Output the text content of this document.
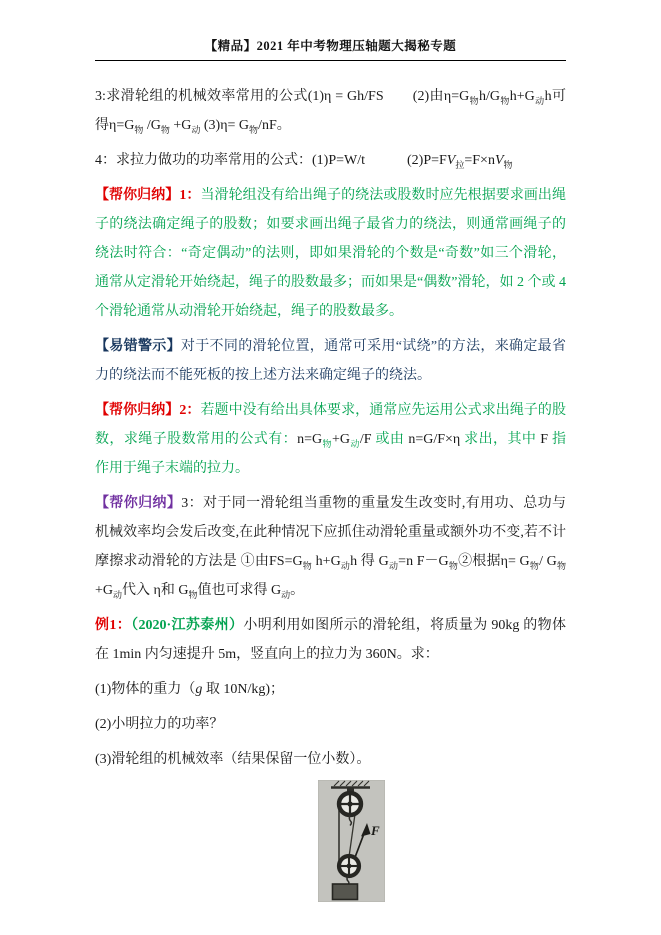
【精品】2021 年中考物理压轴题大揭秘专题

3:求滑轮组的机械效率常用的公式(1)η = Gh/FS　　(2)由$\eta=G_物h/G_物h+G_动h$可得$\eta=G_物$ $/G_物 +G_动$ $(3)\eta= G_物/nF$。

4：求拉力做功的功率常用的公式：(1)P=W/t　　　$(2)P=FV_拉=F\times nV_物$

【帮你归纳】1：当滑轮组没有给出绳子的绕法或股数时应先根据要求画出绳子的绕法确定绳子的股数；如要求画出绳子最省力的绕法，则通常画绳子的绕法时符合：“奇定偶动”的法则，即如果滑轮的个数是“奇数”如三个滑轮，通常从定滑轮开始绕起，绳子的股数最多；而如果是“偶数”滑轮，如 2 个或 4 个滑轮通常从动滑轮开始绕起，绳子的股数最多。

【易错警示】对于不同的滑轮位置，通常可采用“试绕”的方法，来确定最省力的绕法而不能死板的按上述方法来确定绳子的绕法。

【帮你归纳】2：若题中没有给出具体要求，通常应先运用公式求出绳子的股数，求绳子股数常用的公式有：$n=G_物+G_动/F$ 或由 n=G/F×η 求出，其中 F 指作用于绳子末端的拉力。

【帮你归纳】3：对于同一滑轮组当重物的重量发生改变时,有用功、总功与机械效率均会发后改变,在此种情况下应抓住动滑轮重量或额外功不变,若不计摩擦求动滑轮的方法是 ①由$FS=G_物$ $h+G_动h$ 得 $G_动=n$ $F-G_物②$根据$\eta= G_物/$ $G_物 +G_动$代入 η和 $G_物$值也可求得 $G_动$。

例1：（2020·江苏泰州）小明利用如图所示的滑轮组，将质量为 90kg 的物体在 1min 内匀速提升 5m，竖直向上的拉力为 360N。求：

(1)物体的重力（g 取 10N/kg)；

(2)小明拉力的功率？

(3)滑轮组的机械效率（结果保留一位小数）。

F
